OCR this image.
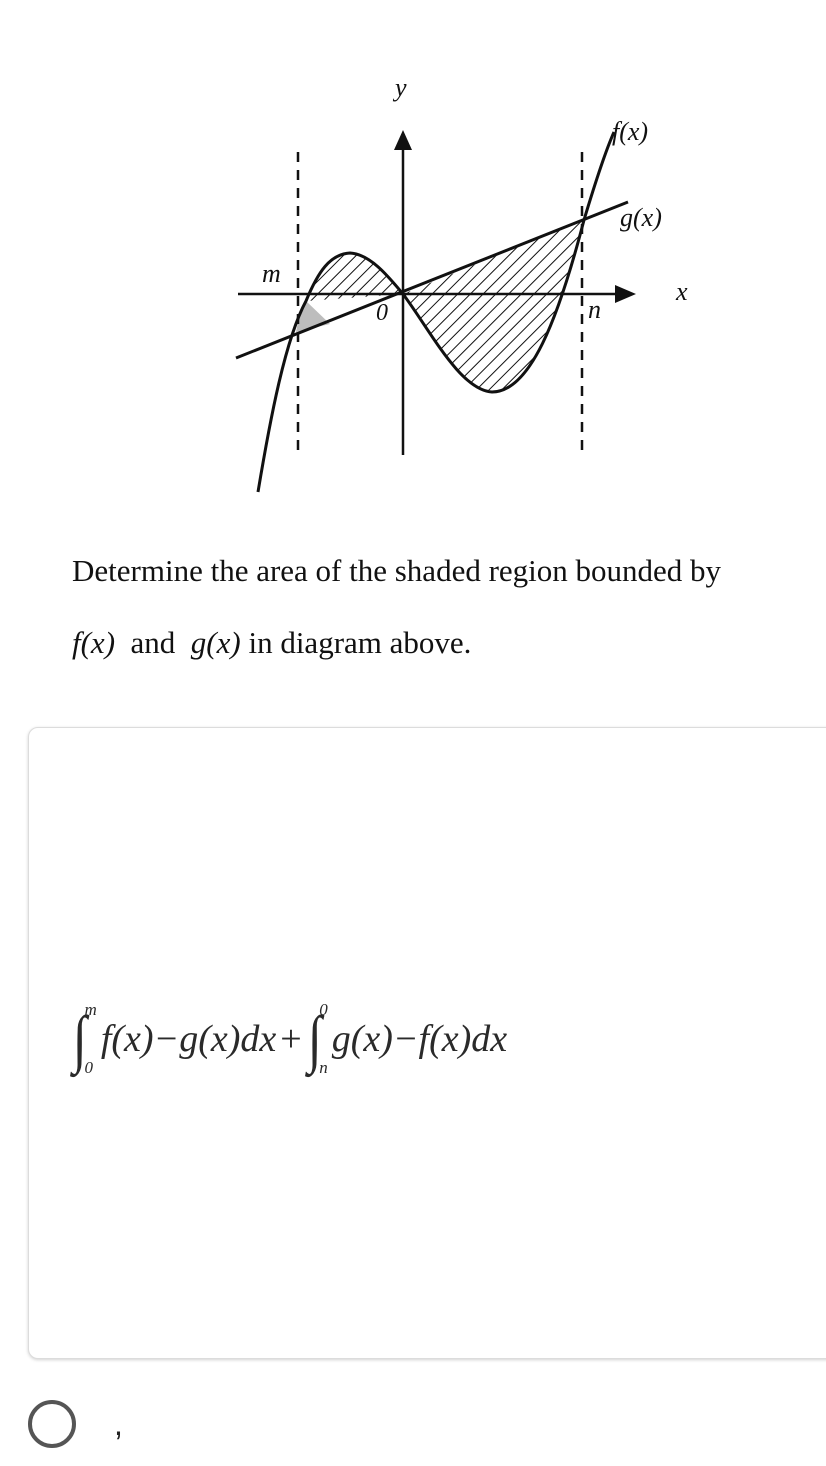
y
x
f(x)
g(x)
m
n
0
Determine the area of the shaded region bounded by
f(x) and g(x) in diagram above.
∫
m
0
f(x)−g(x)dx + ∫
0
n
g(x)−f(x)dx
,
